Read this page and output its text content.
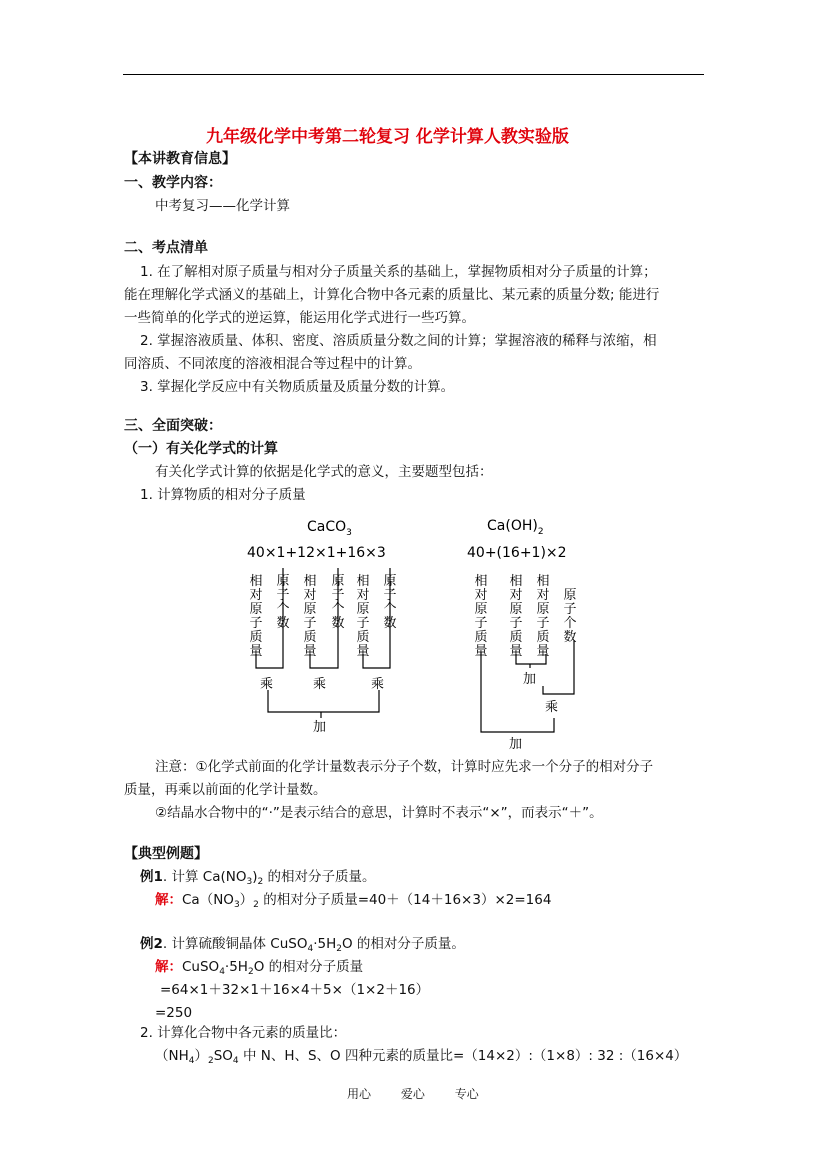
九年级化学中考第二轮复习 化学计算人教实验版
【本讲教育信息】
一、教学内容：
中考复习——化学计算
二、考点清单
1. 在了解相对原子质量与相对分子质量关系的基础上，掌握物质相对分子质量的计算；
能在理解化学式涵义的基础上，计算化合物中各元素的质量比、某元素的质量分数; 能进行
一些简单的化学式的逆运算，能运用化学式进行一些巧算。
2. 掌握溶液质量、体积、密度、溶质质量分数之间的计算；掌握溶液的稀释与浓缩，相
同溶质、不同浓度的溶液相混合等过程中的计算。
3. 掌握化学反应中有关物质质量及质量分数的计算。
三、全面突破：
（一）有关化学式的计算
有关化学式计算的依据是化学式的意义，主要题型包括：
1. 计算物质的相对分子质量
CaCO$_3$
40×1+12×1+16×3
$Ca(OH)_2$
40+(16+1)×2
相对原子质量
原子个数
相对原子质量
原子个数
相对原子质量
原子个数
相对原子质量
相对原子质量
相对原子质量
原子个数
乘	乘	乘
加
加
乘
加
注意：①化学式前面的化学计量数表示分子个数，计算时应先求一个分子的相对分子
质量，再乘以前面的化学计量数。
②结晶水合物中的“·”是表示结合的意思，计算时不表示“×”，而表示“＋”。
【典型例题】
例1. 计算 $Ca(NO_3)_2$ 的相对分子质量。
解：$Ca(NO_3)_2$ 的相对分子质量=40＋（14＋16×3）×2=164
例2. 计算硫酸铜晶体 $CuSO_4\cdot 5H_2O$ 的相对分子质量。
解：$CuSO_4\cdot 5H_2O$ 的相对分子质量
=64×1＋32×1＋16×4＋5×（1×2＋16）
=250
2. 计算化合物中各元素的质量比：
$(NH_4)_2SO_4$ 中 N、H、S、O 四种元素的质量比=（14×2）:（1×8）: 32 :（16×4）
用心 爱心 专心
